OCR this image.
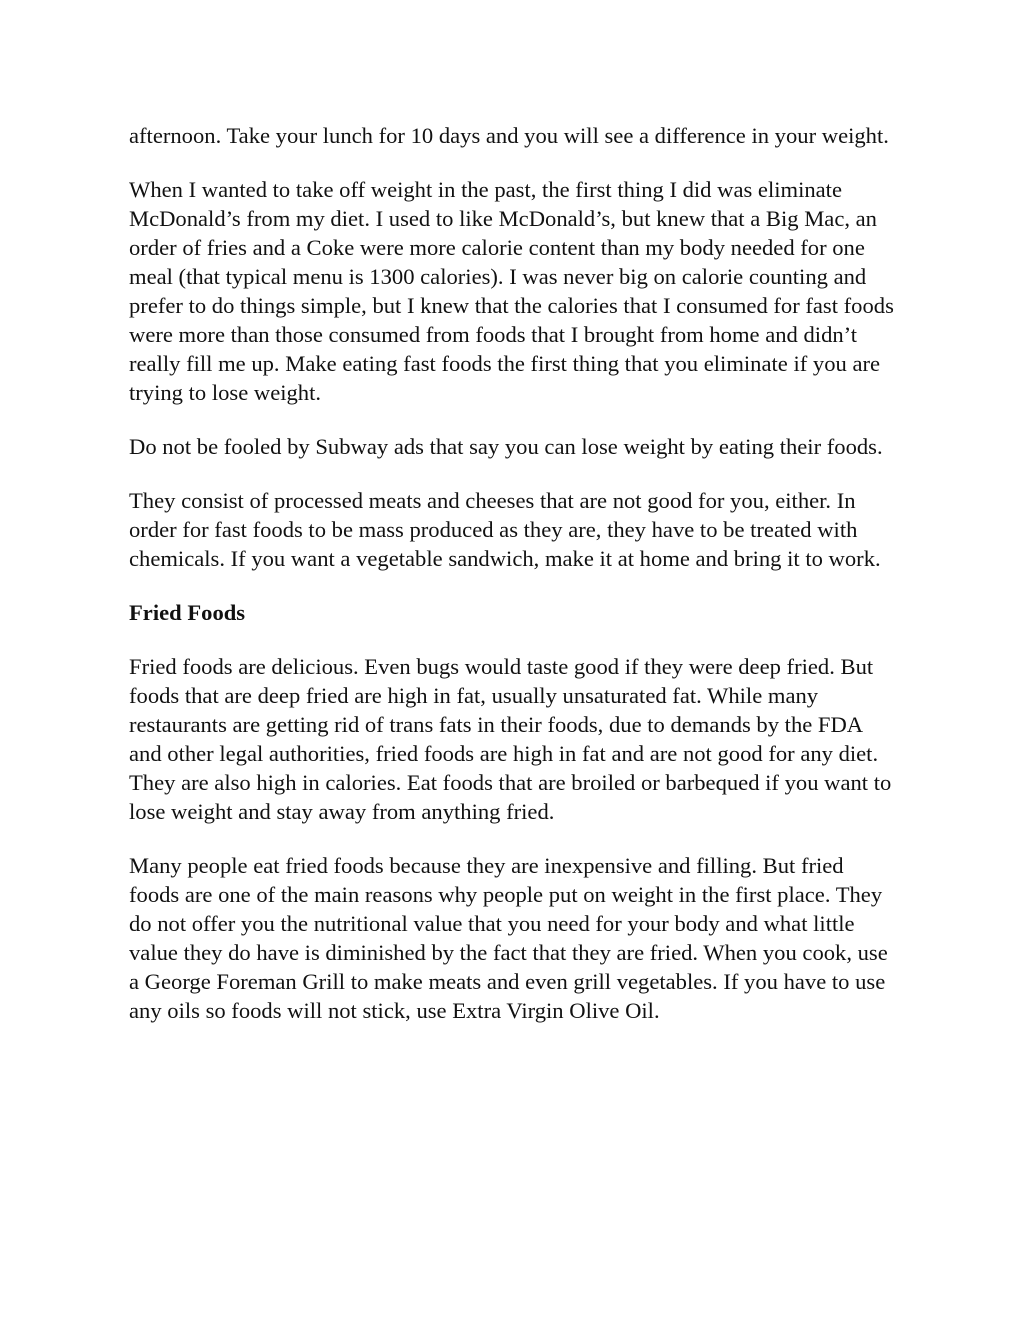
afternoon. Take your lunch for 10 days and you will see a difference in your weight.

When I wanted to take off weight in the past, the first thing I did was eliminate McDonald’s from my diet. I used to like McDonald’s, but knew that a Big Mac, an order of fries and a Coke were more calorie content than my body needed for one meal (that typical menu is 1300 calories). I was never big on calorie counting and prefer to do things simple, but I knew that the calories that I consumed for fast foods were more than those consumed from foods that I brought from home and didn’t really fill me up. Make eating fast foods the first thing that you eliminate if you are trying to lose weight.

Do not be fooled by Subway ads that say you can lose weight by eating their foods.

They consist of processed meats and cheeses that are not good for you, either. In order for fast foods to be mass produced as they are, they have to be treated with chemicals. If you want a vegetable sandwich, make it at home and bring it to work.

Fried Foods

Fried foods are delicious. Even bugs would taste good if they were deep fried. But foods that are deep fried are high in fat, usually unsaturated fat. While many restaurants are getting rid of trans fats in their foods, due to demands by the FDA and other legal authorities, fried foods are high in fat and are not good for any diet. They are also high in calories. Eat foods that are broiled or barbequed if you want to lose weight and stay away from anything fried.

Many people eat fried foods because they are inexpensive and filling. But fried foods are one of the main reasons why people put on weight in the first place. They do not offer you the nutritional value that you need for your body and what little value they do have is diminished by the fact that they are fried. When you cook, use a George Foreman Grill to make meats and even grill vegetables. If you have to use any oils so foods will not stick, use Extra Virgin Olive Oil.
